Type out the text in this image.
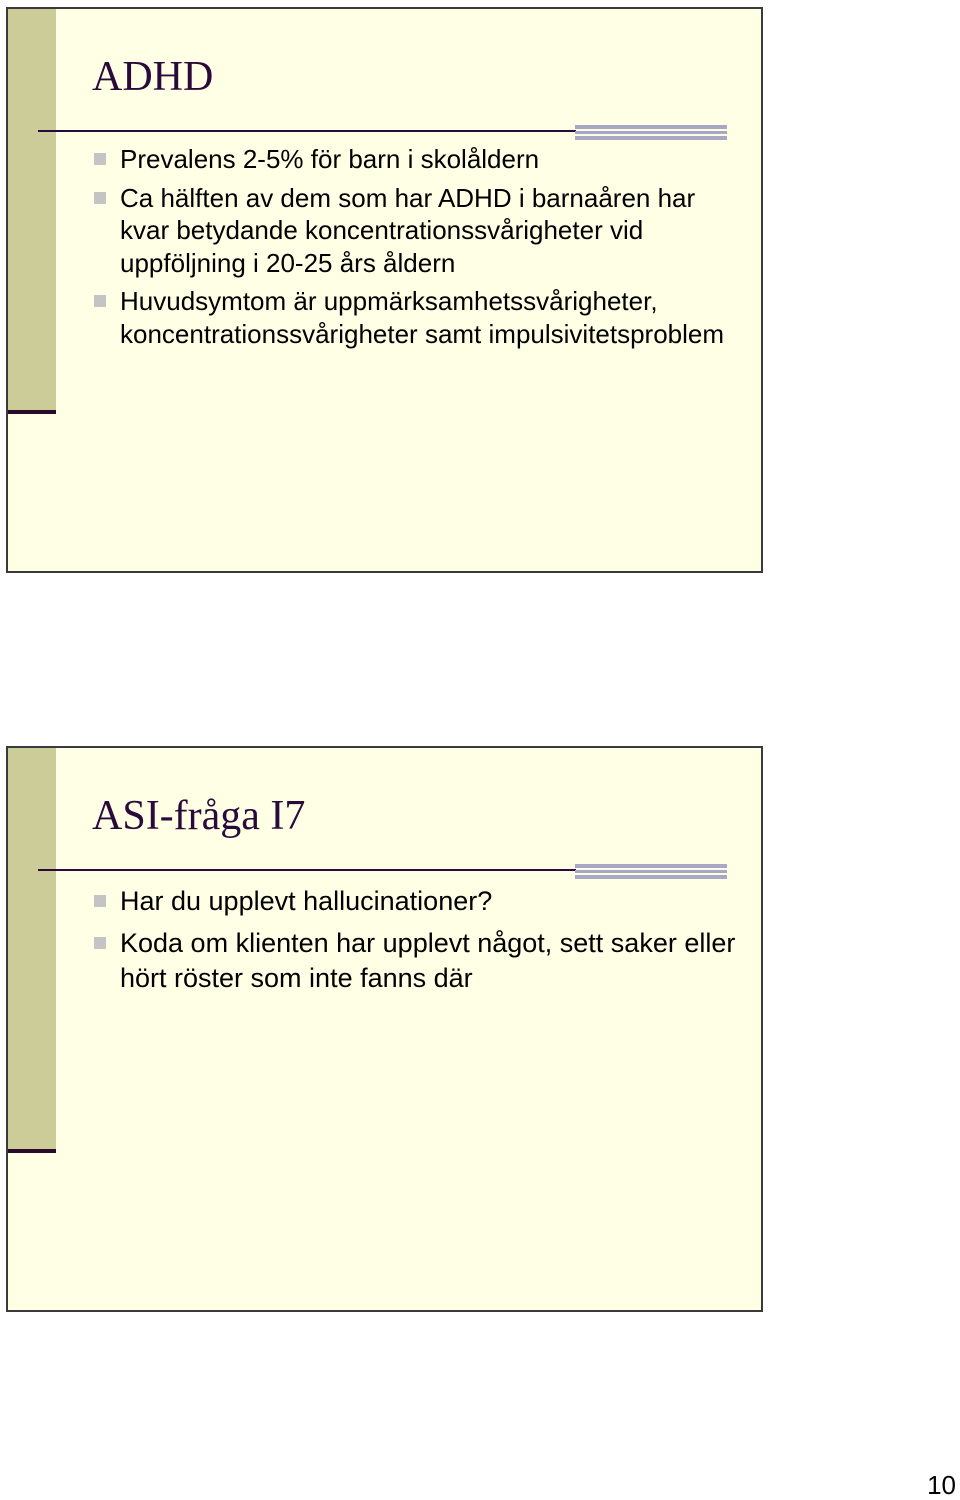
ADHD
Prevalens 2-5% för barn i skolåldern
Ca hälften av dem som har ADHD i barnaåren har kvar betydande koncentrationssvårigheter vid uppföljning i 20-25 års åldern
Huvudsymtom är uppmärksamhetssvårigheter, koncentrationssvårigheter samt impulsivitetsproblem
ASI-fråga I7
Har du upplevt hallucinationer?
Koda om klienten har upplevt något, sett saker eller hört röster som inte fanns där
10
